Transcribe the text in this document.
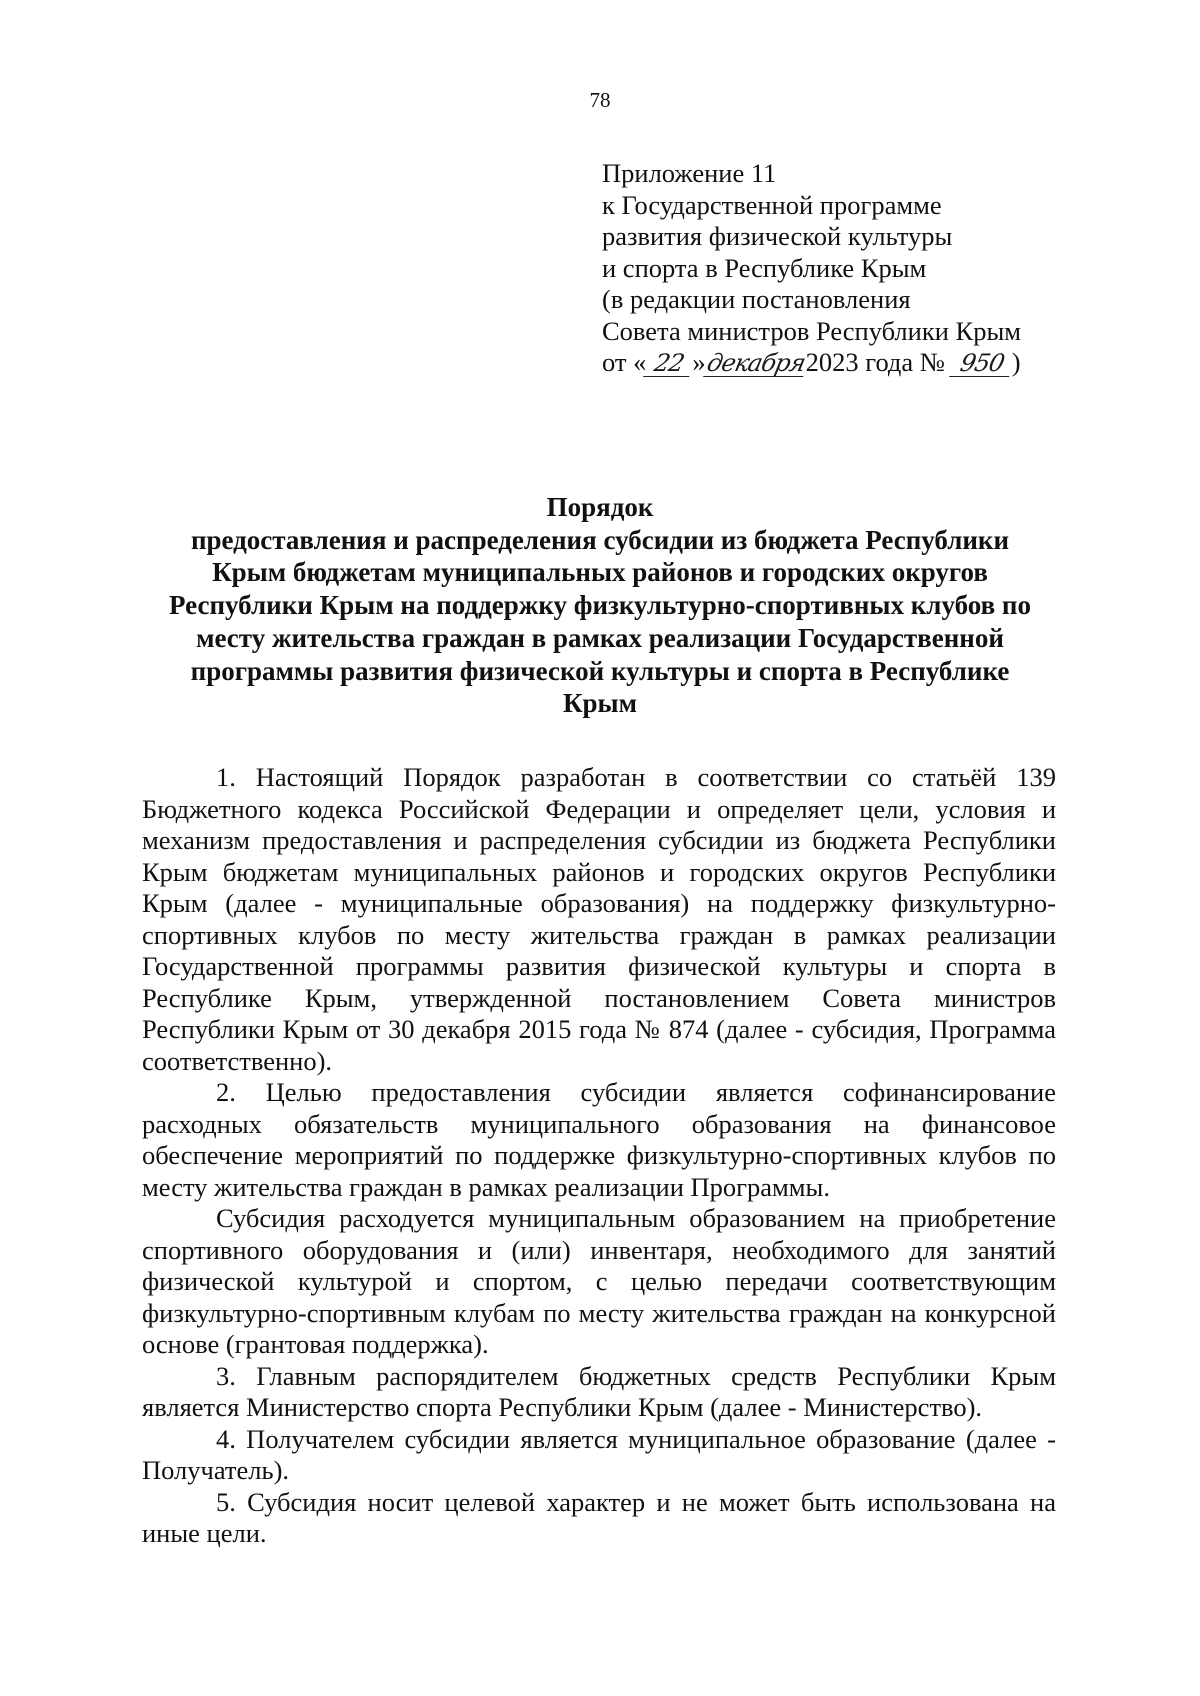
78
Приложение 11
к Государственной программе
развития физической культуры
и спорта в Республике Крым
(в редакции постановления
Совета министров Республики Крым
от « 22 »декабря2023 года № 950 )
Порядок
предоставления и распределения субсидии из бюджета Республики
Крым бюджетам муниципальных районов и городских округов
Республики Крым на поддержку физкультурно-спортивных клубов по
месту жительства граждан в рамках реализации Государственной
программы развития физической культуры и спорта в Республике
Крым

1. Настоящий Порядок разработан в соответствии со статьёй 139 Бюджетного кодекса Российской Федерации и определяет цели, условия и механизм предоставления и распределения субсидии из бюджета Республики Крым бюджетам муниципальных районов и городских округов Республики Крым (далее - муниципальные образования) на поддержку физкультурно-спортивных клубов по месту жительства граждан в рамках реализации Государственной программы развития физической культуры и спорта в Республике Крым, утвержденной постановлением Совета министров Республики Крым от 30 декабря 2015 года № 874 (далее - субсидия, Программа соответственно).

2. Целью предоставления субсидии является софинансирование расходных обязательств муниципального образования на финансовое обеспечение мероприятий по поддержке физкультурно-спортивных клубов по месту жительства граждан в рамках реализации Программы.

Субсидия расходуется муниципальным образованием на приобретение спортивного оборудования и (или) инвентаря, необходимого для занятий физической культурой и спортом, с целью передачи соответствующим физкультурно-спортивным клубам по месту жительства граждан на конкурсной основе (грантовая поддержка).

3. Главным распорядителем бюджетных средств Республики Крым является Министерство спорта Республики Крым (далее - Министерство).

4. Получателем субсидии является муниципальное образование (далее - Получатель).

5. Субсидия носит целевой характер и не может быть использована на иные цели.
